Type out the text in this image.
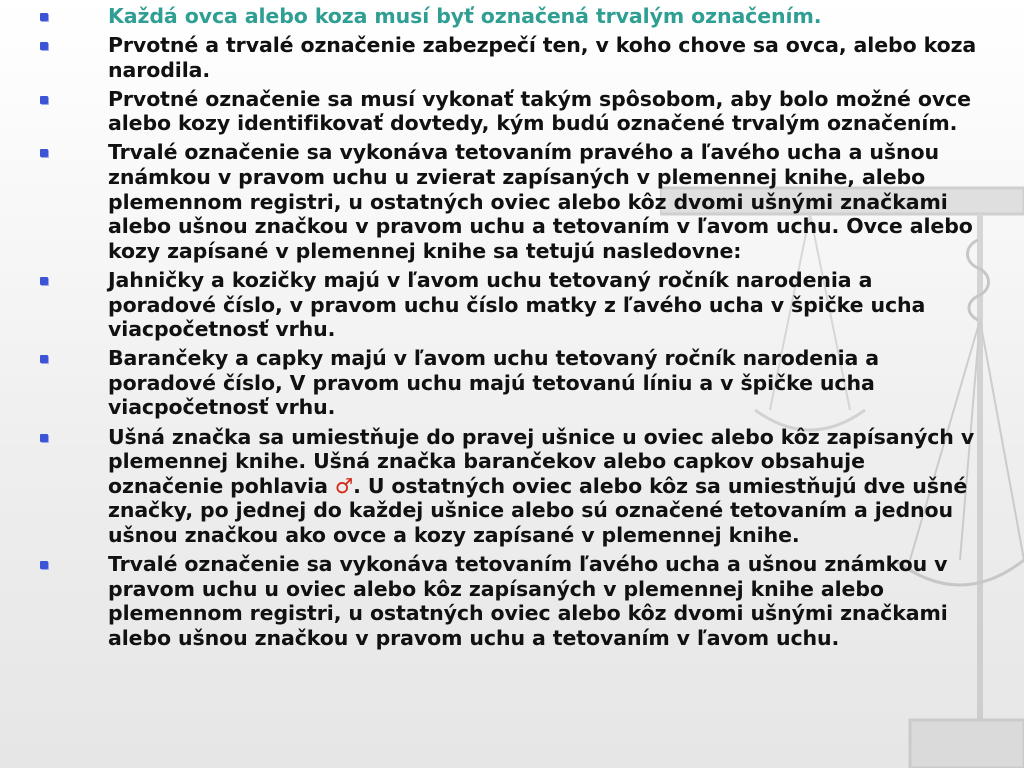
Každá ovca alebo koza musí byť označená trvalým označením.
Prvotné a trvalé označenie zabezpečí ten, v koho chove sa ovca, alebo koza narodila.
Prvotné označenie sa musí vykonať takým spôsobom, aby bolo možné ovce alebo kozy identifikovať dovtedy, kým budú označené trvalým označením.
Trvalé označenie sa vykonáva tetovaním pravého a ľavého ucha a ušnou známkou v pravom uchu u zvierat zapísaných v plemennej knihe, alebo plemennom registri, u ostatných oviec alebo kôz dvomi ušnými značkami alebo ušnou značkou v pravom uchu a tetovaním v ľavom uchu. Ovce alebo kozy zapísané v plemennej knihe sa tetujú nasledovne:
Jahničky a kozičky majú v ľavom uchu tetovaný ročník narodenia a poradové číslo, v pravom uchu číslo matky z ľavého ucha v špičke ucha viacpočetnosť vrhu.
Barančeky a capky majú v ľavom uchu tetovaný ročník narodenia a poradové číslo, V pravom uchu majú tetovanú líniu a v špičke ucha viacpočetnosť vrhu.
Ušná značka sa umiestňuje do pravej ušnice u oviec alebo kôz zapísaných v plemennej knihe. Ušná značka barančekov alebo capkov obsahuje označenie pohlavia ♂. U ostatných oviec alebo kôz sa umiestňujú dve ušné značky, po jednej do každej ušnice alebo sú označené tetovaním a jednou ušnou značkou ako ovce a kozy zapísané v plemennej knihe.
Trvalé označenie sa vykonáva tetovaním ľavého ucha a ušnou známkou v pravom uchu u oviec alebo kôz zapísaných v plemennej knihe alebo plemennom registri, u ostatných oviec alebo kôz dvomi ušnými značkami alebo ušnou značkou v pravom uchu a tetovaním v ľavom uchu.
